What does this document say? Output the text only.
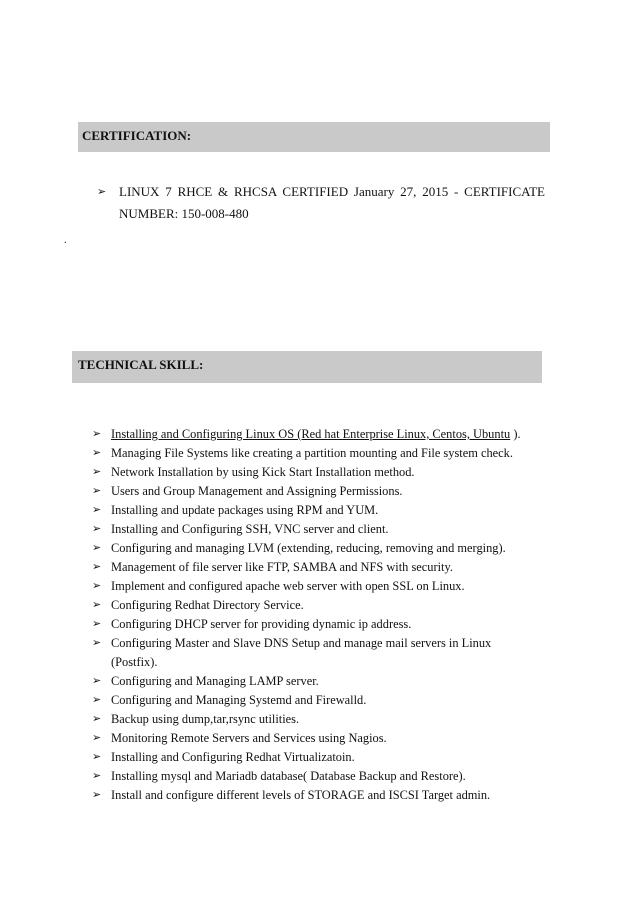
CERTIFICATION:
➢ LINUX 7 RHCE & RHCSA CERTIFIED January 27, 2015 - CERTIFICATE
NUMBER: 150-008-480
.
TECHNICAL SKILL:
➢ Installing and Configuring Linux OS (Red hat Enterprise Linux, Centos, Ubuntu ).
➢ Managing File Systems like creating a partition mounting and File system check.
➢ Network Installation by using Kick Start Installation method.
➢ Users and Group Management and Assigning Permissions.
➢ Installing and update packages using RPM and YUM.
➢ Installing and Configuring SSH, VNC server and client.
➢ Configuring and managing LVM (extending, reducing, removing and merging).
➢ Management of file server like FTP, SAMBA and NFS with security.
➢ Implement and configured apache web server with open SSL on Linux.
➢ Configuring Redhat Directory Service.
➢ Configuring DHCP server for providing dynamic ip address.
➢ Configuring Master and Slave DNS Setup and manage mail servers in Linux (Postfix).
➢ Configuring and Managing LAMP server.
➢ Configuring and Managing Systemd and Firewalld.
➢ Backup using dump,tar,rsync utilities.
➢ Monitoring Remote Servers and Services using Nagios.
➢ Installing and Configuring Redhat Virtualizatoin.
➢ Installing mysql and Mariadb database( Database Backup and Restore).
➢ Install and configure different levels of STORAGE and ISCSI Target admin.
